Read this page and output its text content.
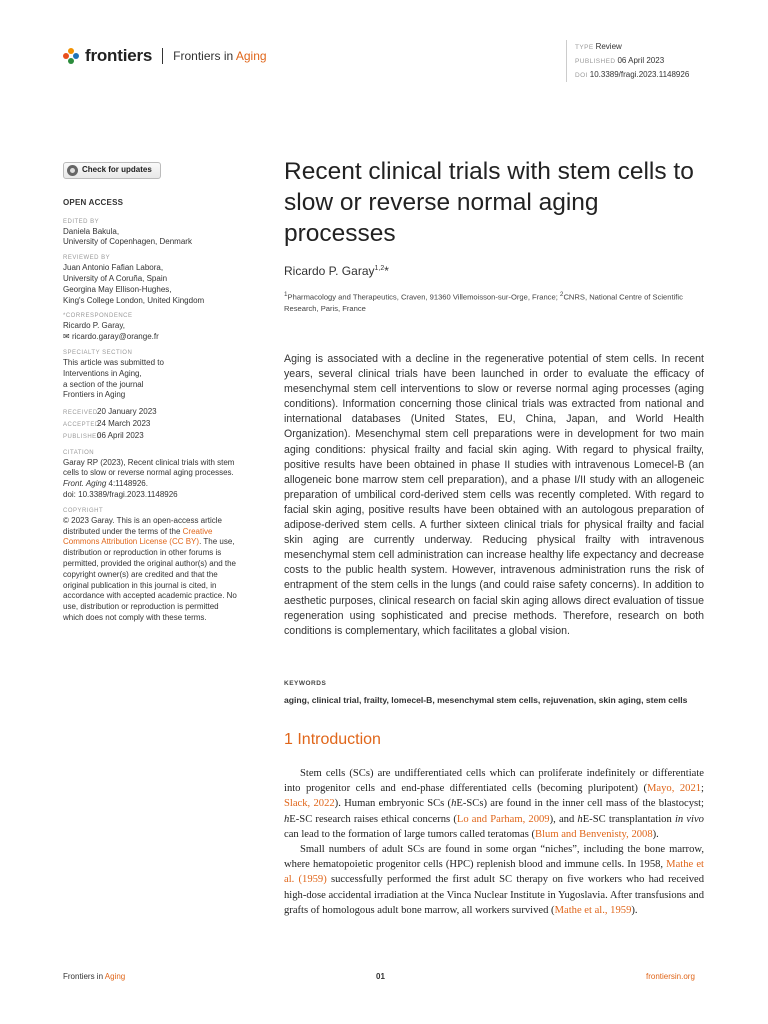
frontiers Frontiers in Aging
TYPE Review
PUBLISHED 06 April 2023
DOI 10.3389/fragi.2023.1148926
Check for updates
OPEN ACCESS
EDITED BY
Daniela Bakula,
University of Copenhagen, Denmark
REVIEWED BY
Juan Antonio Fafian Labora,
University of A Coruña, Spain
Georgina May Ellison-Hughes,
King's College London, United Kingdom
*CORRESPONDENCE
Ricardo P. Garay,
✉ ricardo.garay@orange.fr
SPECIALTY SECTION
This article was submitted to
Interventions in Aging,
a section of the journal
Frontiers in Aging
RECEIVED20 January 2023
ACCEPTED24 March 2023
PUBLISHED06 April 2023
CITATION
Garay RP (2023), Recent clinical trials with stem cells to slow or reverse normal aging processes.
Front. Aging 4:1148926.
doi: 10.3389/fragi.2023.1148926
COPYRIGHT
© 2023 Garay. This is an open-access article distributed under the terms of the Creative Commons Attribution License (CC BY). The use, distribution or reproduction in other forums is permitted, provided the original author(s) and the copyright owner(s) are credited and that the original publication in this journal is cited, in accordance with accepted academic practice. No use, distribution or reproduction is permitted which does not comply with these terms.
Recent clinical trials with stem cells to slow or reverse normal aging processes
Ricardo P. Garay$^{1,2}$*
$^1$Pharmacology and Therapeutics, Craven, 91360 Villemoisson-sur-Orge, France; $^2$CNRS, National Centre of Scientific Research, Paris, France

Aging is associated with a decline in the regenerative potential of stem cells. In recent years, several clinical trials have been launched in order to evaluate the efficacy of mesenchymal stem cell interventions to slow or reverse normal aging processes (aging conditions). Information concerning those clinical trials was extracted from national and international databases (United States, EU, China, Japan, and World Health Organization). Mesenchymal stem cell preparations were in development for two main aging conditions: physical frailty and facial skin aging. With regard to physical frailty, positive results have been obtained in phase II studies with intravenous Lomecel-B (an allogeneic bone marrow stem cell preparation), and a phase I/II study with an allogeneic preparation of umbilical cord-derived stem cells was recently completed. With regard to facial skin aging, positive results have been obtained with an autologous preparation of adipose-derived stem cells. A further sixteen clinical trials for physical frailty and facial skin aging are currently underway. Reducing physical frailty with intravenous mesenchymal stem cell administration can increase healthy life expectancy and decrease costs to the public health system. However, intravenous administration runs the risk of entrapment of the stem cells in the lungs (and could raise safety concerns). In addition to aesthetic purposes, clinical research on facial skin aging allows direct evaluation of tissue regeneration using sophisticated and precise methods. Therefore, research on both conditions is complementary, which facilitates a global vision.

KEYWORDS
aging, clinical trial, frailty, lomecel-B, mesenchymal stem cells, rejuvenation, skin aging, stem cells
1 Introduction

Stem cells (SCs) are undifferentiated cells which can proliferate indefinitely or differentiate into progenitor cells and end-phase differentiated cells (becoming pluripotent) (Mayo, 2021; Slack, 2022). Human embryonic SCs (hE-SCs) are found in the inner cell mass of the blastocyst; hE-SC research raises ethical concerns (Lo and Parham, 2009), and hE-SC transplantation in vivo can lead to the formation of large tumors called teratomas (Blum and Benvenisty, 2008).

Small numbers of adult SCs are found in some organ “niches”, including the bone marrow, where hematopoietic progenitor cells (HPC) replenish blood and immune cells. In 1958, Mathe et al. (1959) successfully performed the first adult SC therapy on five workers who had received high-dose accidental irradiation at the Vinca Nuclear Institute in Yugoslavia. After transfusions and grafts of homologous adult bone marrow, all workers survived (Mathe et al., 1959).

Frontiers in Aging	01	frontiersin.org
